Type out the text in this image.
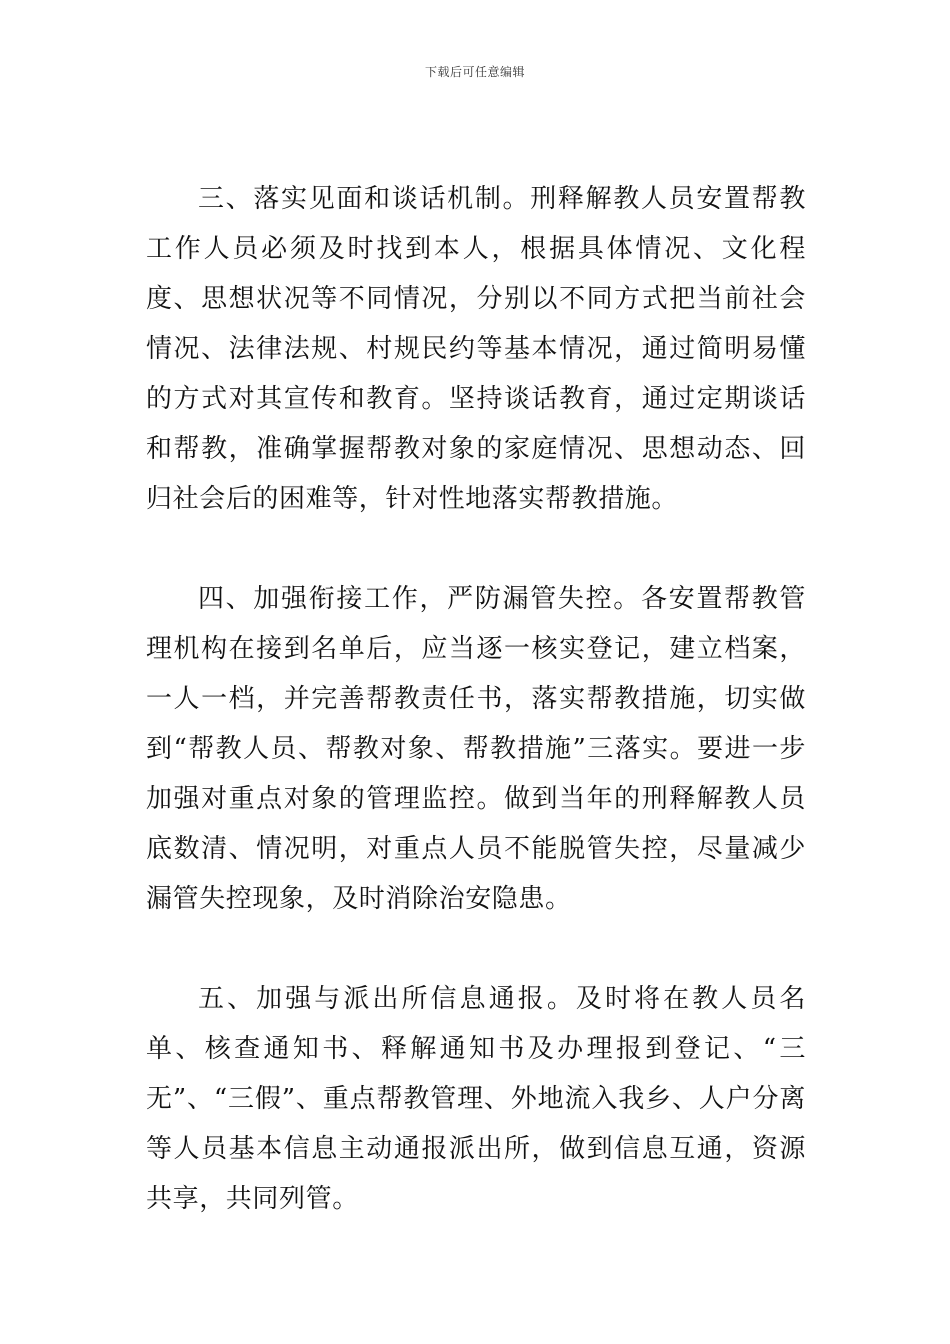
下载后可任意编辑

三、落实见面和谈话机制。刑释解教人员安置帮教工作人员必须及时找到本人，根据具体情况、文化程度、思想状况等不同情况，分别以不同方式把当前社会情况、法律法规、村规民约等基本情况，通过简明易懂的方式对其宣传和教育。坚持谈话教育，通过定期谈话和帮教，准确掌握帮教对象的家庭情况、思想动态、回归社会后的困难等，针对性地落实帮教措施。

四、加强衔接工作，严防漏管失控。各安置帮教管理机构在接到名单后，应当逐一核实登记，建立档案，一人一档，并完善帮教责任书，落实帮教措施，切实做到“帮教人员、帮教对象、帮教措施”三落实。要进一步加强对重点对象的管理监控。做到当年的刑释解教人员底数清、情况明，对重点人员不能脱管失控，尽量减少漏管失控现象，及时消除治安隐患。

五、加强与派出所信息通报。及时将在教人员名单、核查通知书、释解通知书及办理报到登记、“三无”、“三假”、重点帮教管理、外地流入我乡、人户分离等人员基本信息主动通报派出所，做到信息互通，资源共享，共同列管。
